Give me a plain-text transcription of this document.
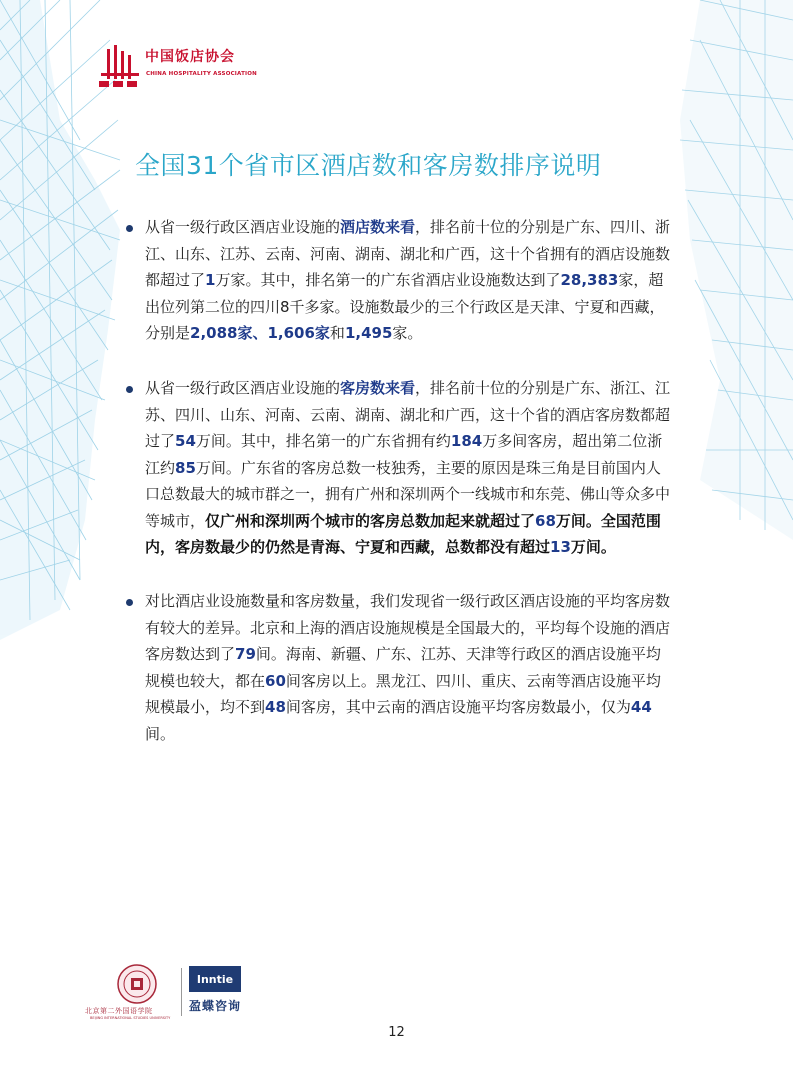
中国饭店协会
CHINA HOSPITALITY ASSOCIATION
全国31个省市区酒店数和客房数排序说明

从省一级行政区酒店业设施的酒店数来看，排名前十位的分别是广东、四川、浙江、山东、江苏、云南、河南、湖南、湖北和广西，这十个省拥有的酒店设施数都超过了1万家。其中，排名第一的广东省酒店业设施数达到了28,383家，超出位列第二位的四川8千多家。设施数最少的三个行政区是天津、宁夏和西藏，分别是2,088家、1,606家和1,495家。

从省一级行政区酒店业设施的客房数来看，排名前十位的分别是广东、浙江、江苏、四川、山东、河南、云南、湖南、湖北和广西，这十个省的酒店客房数都超过了54万间。其中，排名第一的广东省拥有约184万多间客房，超出第二位浙江约85万间。广东省的客房总数一枝独秀，主要的原因是珠三角是目前国内人口总数最大的城市群之一，拥有广州和深圳两个一线城市和东莞、佛山等众多中等城市，仅广州和深圳两个城市的客房总数加起来就超过了68万间。全国范围内，客房数最少的仍然是青海、宁夏和西藏，总数都没有超过13万间。

对比酒店业设施数量和客房数量，我们发现省一级行政区酒店设施的平均客房数有较大的差异。北京和上海的酒店设施规模是全国最大的，平均每个设施的酒店客房数达到了79间。海南、新疆、广东、江苏、天津等行政区的酒店设施平均规模也较大，都在60间客房以上。黑龙江、四川、重庆、云南等酒店设施平均规模最小，均不到48间客房，其中云南的酒店设施平均客房数最小，仅为44间。

北京第二外国语学院
BEIJING INTERNATIONAL STUDIES UNIVERSITY
Inntie
盈蝶咨询
12
